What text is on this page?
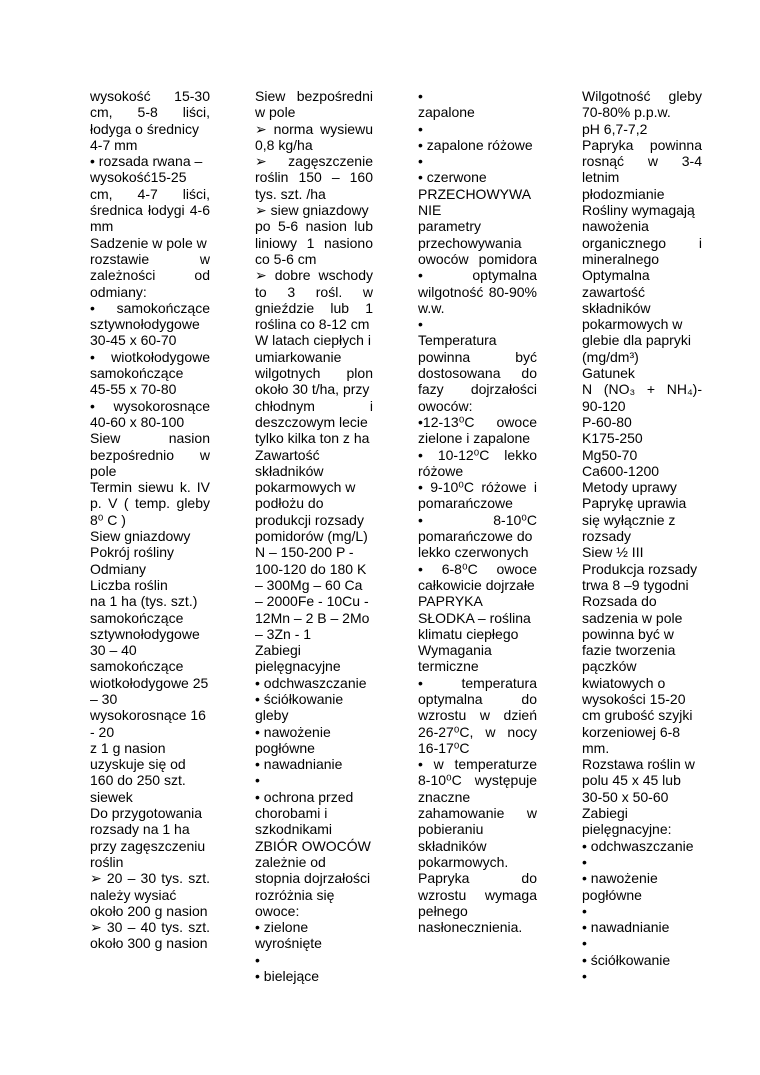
wysokość 15-30
cm, 5-8 liści,
łodyga o średnicy
4-7 mm
• rozsada rwana –
wysokość15-25
cm, 4-7 liści,
średnica łodygi 4-6
mm
Sadzenie w pole w
rozstawie w
zależności od
odmiany:
• samokończące
sztywnołodygowe
30-45 x 60-70
• wiotkołodygowe
samokończące
45-55 x 70-80
• wysokorosnące
40-60 x 80-100
Siew nasion
bezpośrednio w
pole
Termin siewu k. IV
p. V ( temp. gleby
8⁰ C )
Siew gniazdowy
Pokrój rośliny
Odmiany
Liczba roślin
na 1 ha (tys. szt.)
samokończące
sztywnołodygowe
30 – 40
samokończące
wiotkołodygowe 25
– 30
wysokorosnące 16
- 20
z 1 g nasion
uzyskuje się od
160 do 250 szt.
siewek
Do przygotowania
rozsady na 1 ha
przy zagęszczeniu
roślin
➢ 20 – 30 tys. szt.
należy wysiać
około 200 g nasion
➢ 30 – 40 tys. szt.
około 300 g nasion
Siew bezpośredni
w pole
➢ norma wysiewu
0,8 kg/ha
➢ zagęszczenie
roślin 150 – 160
tys. szt. /ha
➢ siew gniazdowy
po 5-6 nasion lub
liniowy 1 nasiono
co 5-6 cm
➢ dobre wschody
to 3 rośl. w
gnieździe lub 1
roślina co 8-12 cm
W latach ciepłych i
umiarkowanie
wilgotnych plon
około 30 t/ha, przy
chłodnym i
deszczowym lecie
tylko kilka ton z ha
Zawartość
składników
pokarmowych w
podłożu do
produkcji rozsady
pomidorów (mg/L)
N – 150-200 P -
100-120 do 180 K
– 300Mg – 60 Ca
– 2000Fe - 10Cu -
12Mn – 2 B – 2Mo
– 3Zn - 1
Zabiegi
pielęgnacyjne
• odchwaszczanie
• ściółkowanie
gleby
• nawożenie
pogłówne
• nawadnianie
•
• ochrona przed
chorobami i
szkodnikami
ZBIÓR OWOCÓW
zależnie od
stopnia dojrzałości
rozróżnia się
owoce:
• zielone
wyrośnięte
•
• bielejące
•
zapalone
•
• zapalone różowe
•
• czerwone
PRZECHOWYWA
NIE
parametry
przechowywania
owoców pomidora
• optymalna
wilgotność 80-90%
w.w.
•
Temperatura
powinna być
dostosowana do
fazy dojrzałości
owoców:
•12-13⁰C owoce
zielone i zapalone
• 10-12⁰C lekko
różowe
• 9-10⁰C różowe i
pomarańczowe
• 8-10⁰C
pomarańczowe do
lekko czerwonych
• 6-8⁰C owoce
całkowicie dojrzałe
PAPRYKA
SŁODKA – roślina
klimatu ciepłego
Wymagania
termiczne
• temperatura
optymalna do
wzrostu w dzień
26-27⁰C, w nocy
16-17⁰C
• w temperaturze
8-10⁰C występuje
znaczne
zahamowanie w
pobieraniu
składników
pokarmowych.
Papryka do
wzrostu wymaga
pełnego
nasłonecznienia.
Wilgotność gleby
70-80% p.p.w.
pH 6,7-7,2
Papryka powinna
rosnąć w 3-4
letnim
płodozmianie
Rośliny wymagają
nawożenia
organicznego i
mineralnego
Optymalna
zawartość
składników
pokarmowych w
glebie dla papryki
(mg/dm³)
Gatunek
N (NO₃ + NH₄)-
90-120
P-60-80
K175-250
Mg50-70
Ca600-1200
Metody uprawy
Paprykę uprawia
się wyłącznie z
rozsady
Siew ½ III
Produkcja rozsady
trwa 8 –9 tygodni
Rozsada do
sadzenia w pole
powinna być w
fazie tworzenia
pączków
kwiatowych o
wysokości 15-20
cm grubość szyjki
korzeniowej 6-8
mm.
Rozstawa roślin w
polu 45 x 45 lub
30-50 x 50-60
Zabiegi
pielęgnacyjne:
• odchwaszczanie
•
• nawożenie
pogłówne
•
• nawadnianie
•
• ściółkowanie
•
